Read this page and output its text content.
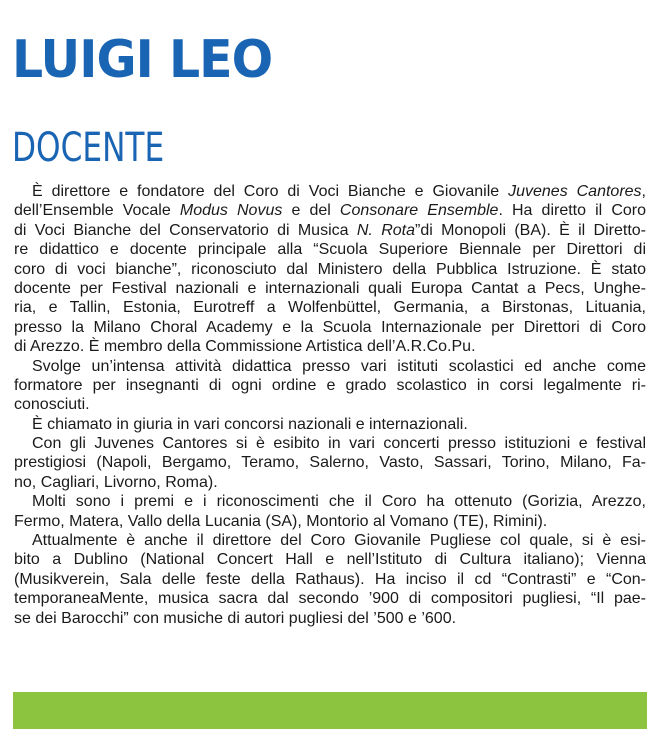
LUIGI LEO
DOCENTE
È direttore e fondatore del Coro di Voci Bianche e Giovanile Juvenes Cantores,
dell’Ensemble Vocale Modus Novus e del Consonare Ensemble. Ha diretto il Coro
di Voci Bianche del Conservatorio di Musica N. Rota”di Monopoli (BA). È il Diretto-
re didattico e docente principale alla “Scuola Superiore Biennale per Direttori di
coro di voci bianche”, riconosciuto dal Ministero della Pubblica Istruzione. È stato
docente per Festival nazionali e internazionali quali Europa Cantat a Pecs, Unghe-
ria, e Tallin, Estonia, Eurotreff a Wolfenbüttel, Germania, a Birstonas, Lituania,
presso la Milano Choral Academy e la Scuola Internazionale per Direttori di Coro
di Arezzo. È membro della Commissione Artistica dell’A.R.Co.Pu.
Svolge un’intensa attività didattica presso vari istituti scolastici ed anche come
formatore per insegnanti di ogni ordine e grado scolastico in corsi legalmente ri-
conosciuti.
È chiamato in giuria in vari concorsi nazionali e internazionali.
Con gli Juvenes Cantores si è esibito in vari concerti presso istituzioni e festival
prestigiosi (Napoli, Bergamo, Teramo, Salerno, Vasto, Sassari, Torino, Milano, Fa-
no, Cagliari, Livorno, Roma).
Molti sono i premi e i riconoscimenti che il Coro ha ottenuto (Gorizia, Arezzo,
Fermo, Matera, Vallo della Lucania (SA), Montorio al Vomano (TE), Rimini).
Attualmente è anche il direttore del Coro Giovanile Pugliese col quale, si è esi-
bito a Dublino (National Concert Hall e nell’Istituto di Cultura italiano); Vienna
(Musikverein, Sala delle feste della Rathaus). Ha inciso il cd “Contrasti” e “Con-
temporaneaMente, musica sacra dal secondo ’900 di compositori pugliesi, “Il pae-
se dei Barocchi” con musiche di autori pugliesi del ’500 e ’600.
